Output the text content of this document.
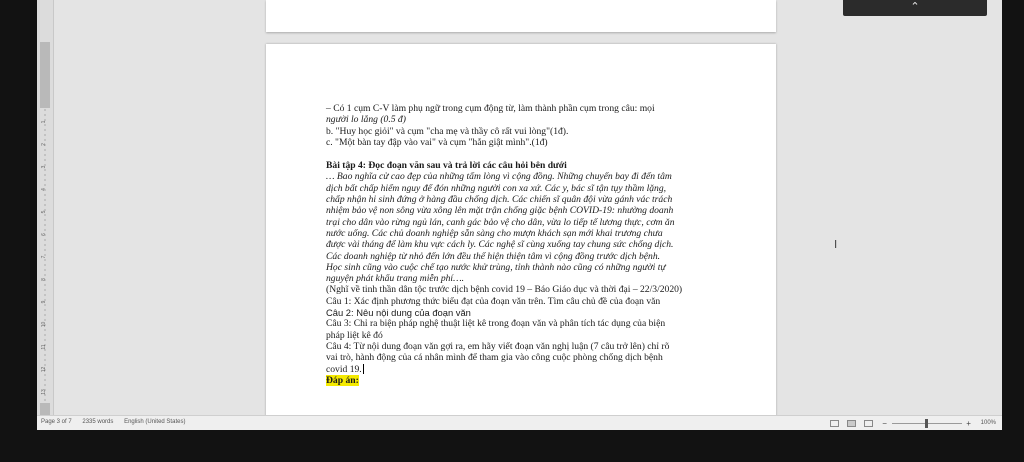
1
2
3
4
5
6
7
8
9
10
11
12
13

– Có 1 cụm C-V làm phụ ngữ trong cụm động từ, làm thành phần cụm trong câu: mọi

người lo lắng (0.5 đ)

b. "Huy học giỏi" và cụm "cha mẹ và thầy cô rất vui lòng"(1đ).

c. "Một bàn tay đập vào vai" và cụm "hắn giật mình".(1đ)

Bài tập 4: Đọc đoạn văn sau và trả lời các câu hỏi bên dưới

… Bao nghĩa cử cao đẹp của những tấm lòng vì cộng đồng. Những chuyến bay đi đến tâm

dịch bất chấp hiểm nguy để đón những người con xa xứ. Các y, bác sĩ tận tụy thầm lặng,

chấp nhận hi sinh đứng ở hàng đầu chống dịch. Các chiến sĩ quân đội vừa gánh vác trách

nhiệm bảo vệ non sông vừa xông lên mặt trận chống giặc bệnh COVID-19: nhường doanh

trại cho dân vào rừng ngủ lán, canh gác bảo vệ cho dân, vừa lo tiếp tế lương thực, cơm ăn

nước uống. Các chủ doanh nghiệp sẵn sàng cho mượn khách sạn mới khai trương chưa

được vài tháng để làm khu vực cách ly. Các nghệ sĩ cùng xuống tay chung sức chống dịch.

Các doanh nghiệp từ nhỏ đến lớn đều thể hiện thiện tâm vì cộng đồng trước dịch bệnh.

Học sinh cũng vào cuộc chế tạo nước khử trùng, tỉnh thành nào cũng có những người tự

nguyện phát khẩu trang miễn phí….

(Nghĩ về tinh thần dân tộc trước dịch bệnh covid 19 – Báo Giáo dục và thời đại – 22/3/2020)

Câu 1: Xác định phương thức biểu đạt của đoạn văn trên. Tìm câu chủ đề của đoạn văn

Câu 2: Nêu nội dung của đoạn văn

Câu 3: Chỉ ra biện pháp nghệ thuật liệt kê trong đoạn văn và phân tích tác dụng của biện

pháp liệt kê đó

Câu 4: Từ nội dung đoạn văn gợi ra, em hãy viết đoạn văn nghị luận (7 câu trở lên) chỉ rõ

vai trò, hành động của cá nhân mình để tham gia vào công cuộc phòng chống dịch bệnh

covid 19.

Đáp án:

I
⌃
Page 3 of 7 2335 words English (United States)	−	+ 100%
